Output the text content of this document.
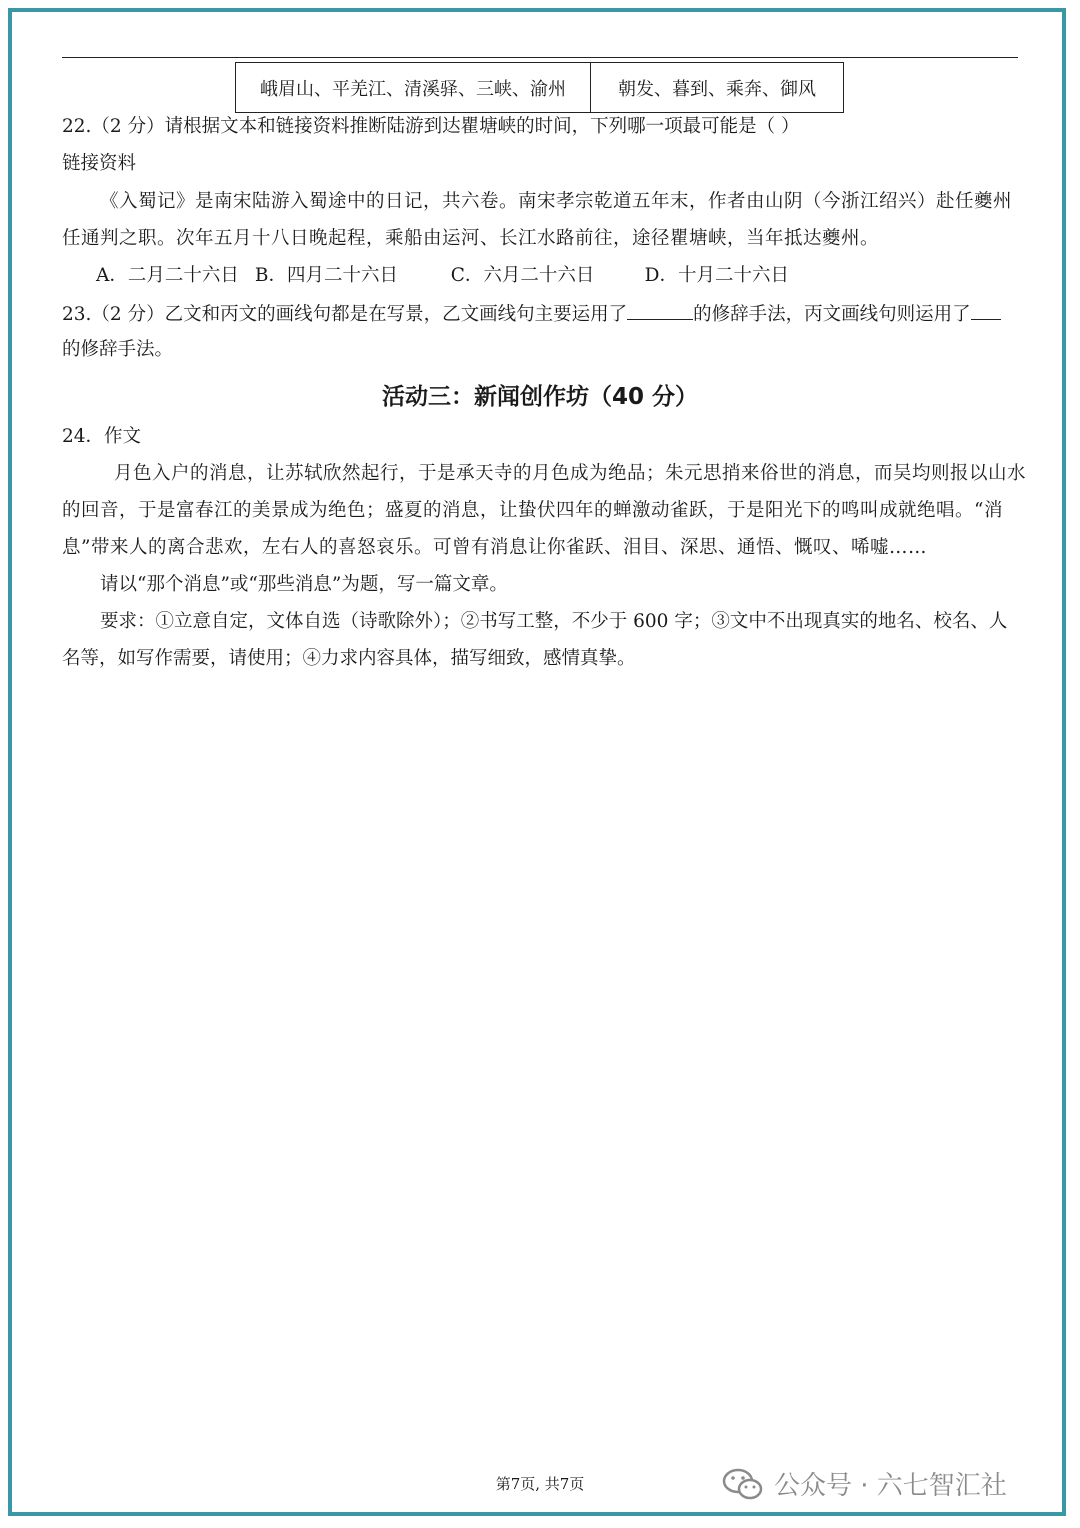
峨眉山、平羌江、清溪驿、三峡、渝州	朝发、暮到、乘奔、御风
22.（2 分）请根据文本和链接资料推断陆游到达瞿塘峡的时间，下列哪一项最可能是（ ）
链接资料
《入蜀记》是南宋陆游入蜀途中的日记，共六卷。南宋孝宗乾道五年末，作者由山阴（今浙江绍兴）赴任夔州
任通判之职。次年五月十八日晚起程，乘船由运河、长江水路前往，途径瞿塘峡，当年抵达夔州。
A．二月二十六日 B．四月二十六日	C．六月二十六日	D．十月二十六日
23.（2 分）乙文和丙文的画线句都是在写景，乙文画线句主要运用了	的修辞手法，丙文画线句则运用了
的修辞手法。
活动三：新闻创作坊（40 分）
24．作文
月色入户的消息，让苏轼欣然起行，于是承天寺的月色成为绝品；朱元思捎来俗世的消息，而吴均则报以山水
的回音，于是富春江的美景成为绝色；盛夏的消息，让蛰伏四年的蝉激动雀跃，于是阳光下的鸣叫成就绝唱。“消
息”带来人的离合悲欢，左右人的喜怒哀乐。可曾有消息让你雀跃、泪目、深思、通悟、慨叹、唏嘘……
请以“那个消息”或“那些消息”为题，写一篇文章。
要求：①立意自定，文体自选（诗歌除外）；②书写工整，不少于 600 字；③文中不出现真实的地名、校名、人
名等，如写作需要，请使用；④力求内容具体，描写细致，感情真挚。
第7页, 共7页	公众号 · 六七智汇社
